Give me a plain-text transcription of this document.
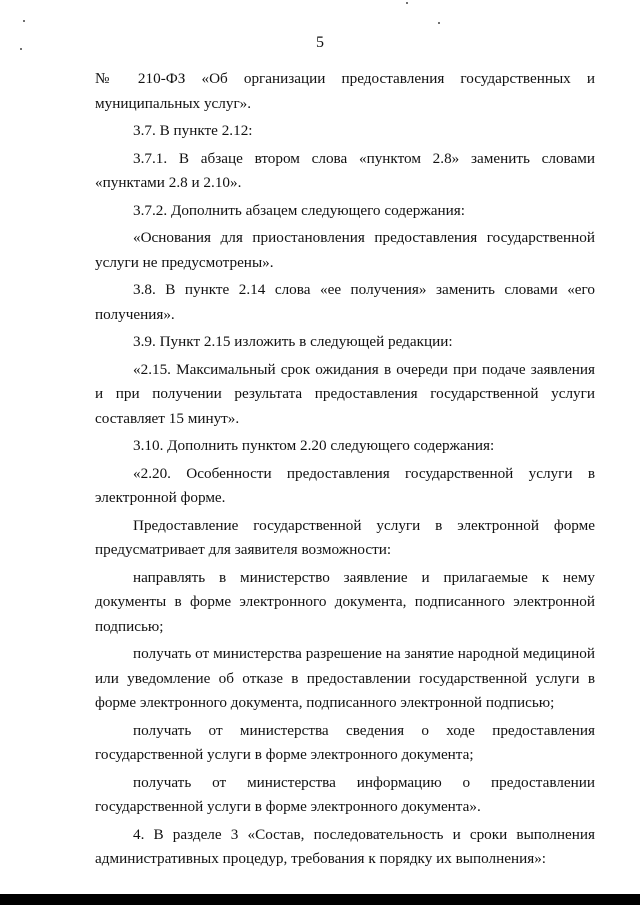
5

№ 210-ФЗ «Об организации предоставления государственных и муниципальных услуг».

3.7. В пункте 2.12:

3.7.1. В абзаце втором слова «пунктом 2.8» заменить словами «пунктами 2.8 и 2.10».

3.7.2. Дополнить абзацем следующего содержания:

«Основания для приостановления предоставления государственной услуги не предусмотрены».

3.8. В пункте 2.14 слова «ее получения» заменить словами «его получения».

3.9. Пункт 2.15 изложить в следующей редакции:

«2.15. Максимальный срок ожидания в очереди при подаче заявления и при получении результата предоставления государственной услуги составляет 15 минут».

3.10. Дополнить пунктом 2.20 следующего содержания:

«2.20. Особенности предоставления государственной услуги в электронной форме.

Предоставление государственной услуги в электронной форме предусматривает для заявителя возможности:

направлять в министерство заявление и прилагаемые к нему документы в форме электронного документа, подписанного электронной подписью;

получать от министерства разрешение на занятие народной медициной или уведомление об отказе в предоставлении государственной услуги в форме электронного документа, подписанного электронной подписью;

получать от министерства сведения о ходе предоставления государственной услуги в форме электронного документа;

получать от министерства информацию о предоставлении государственной услуги в форме электронного документа».

4. В разделе 3 «Состав, последовательность и сроки выполнения административных процедур, требования к порядку их выполнения»:
